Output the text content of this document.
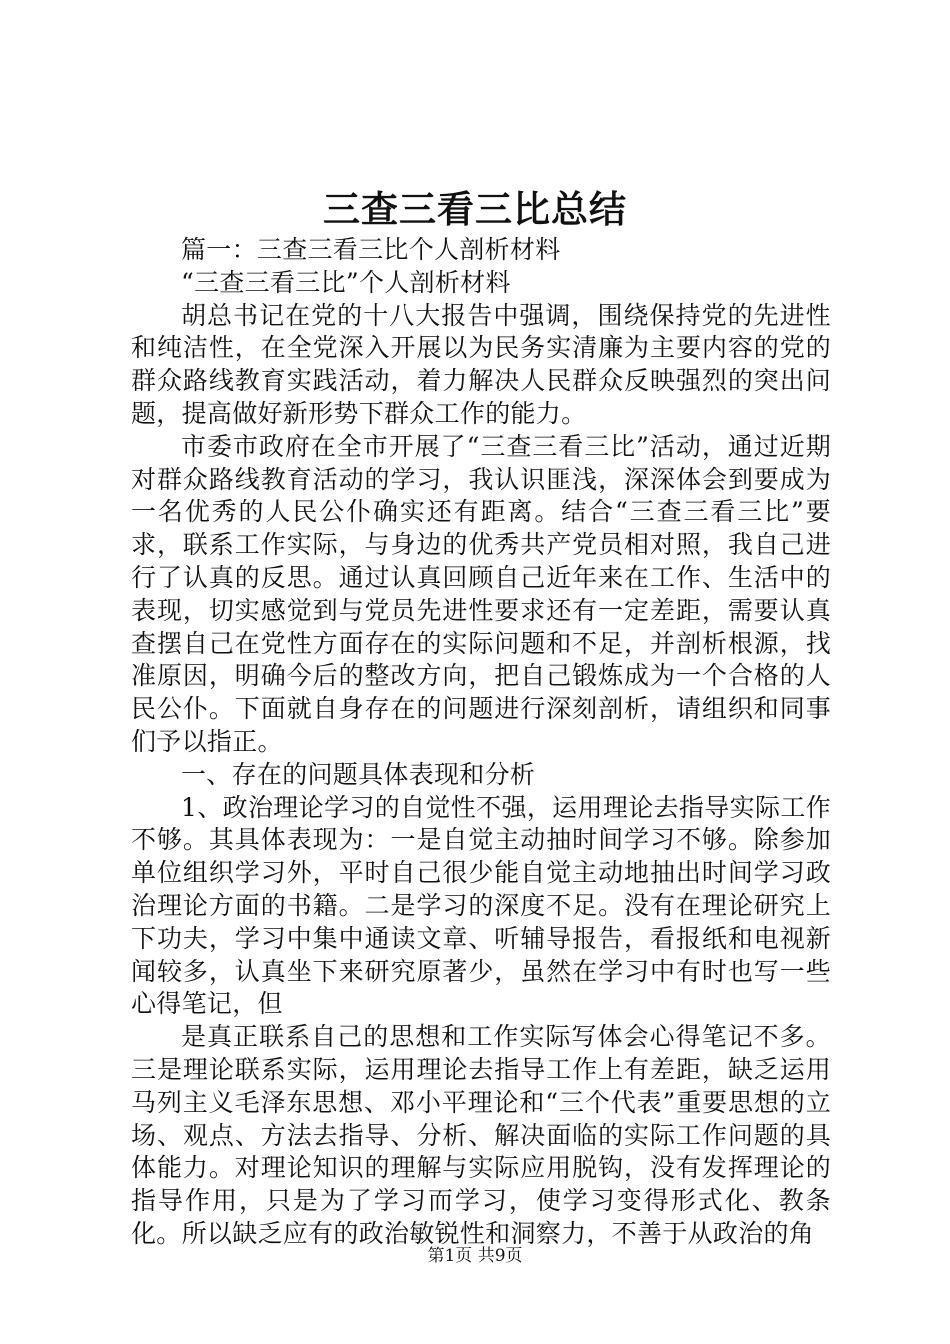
三查三看三比总结

篇一：三查三看三比个人剖析材料

“三查三看三比”个人剖析材料

胡总书记在党的十八大报告中强调，围绕保持党的先进性和纯洁性，在全党深入开展以为民务实清廉为主要内容的党的群众路线教育实践活动，着力解决人民群众反映强烈的突出问题，提高做好新形势下群众工作的能力。

市委市政府在全市开展了“三查三看三比”活动，通过近期对群众路线教育活动的学习，我认识匪浅，深深体会到要成为一名优秀的人民公仆确实还有距离。结合“三查三看三比”要求，联系工作实际，与身边的优秀共产党员相对照，我自己进行了认真的反思。通过认真回顾自己近年来在工作、生活中的表现，切实感觉到与党员先进性要求还有一定差距，需要认真查摆自己在党性方面存在的实际问题和不足，并剖析根源，找准原因，明确今后的整改方向，把自己锻炼成为一个合格的人民公仆。下面就自身存在的问题进行深刻剖析，请组织和同事们予以指正。

一、存在的问题具体表现和分析

1、政治理论学习的自觉性不强，运用理论去指导实际工作不够。其具体表现为：一是自觉主动抽时间学习不够。除参加单位组织学习外，平时自己很少能自觉主动地抽出时间学习政治理论方面的书籍。二是学习的深度不足。没有在理论研究上下功夫，学习中集中通读文章、听辅导报告，看报纸和电视新闻较多，认真坐下来研究原著少，虽然在学习中有时也写一些心得笔记，但

是真正联系自己的思想和工作实际写体会心得笔记不多。三是理论联系实际，运用理论去指导工作上有差距，缺乏运用马列主义毛泽东思想、邓小平理论和“三个代表”重要思想的立场、观点、方法去指导、分析、解决面临的实际工作问题的具体能力。对理论知识的理解与实际应用脱钩，没有发挥理论的指导作用，只是为了学习而学习，使学习变得形式化、教条化。所以缺乏应有的政治敏锐性和洞察力，不善于从政治的角

第1页 共9页
